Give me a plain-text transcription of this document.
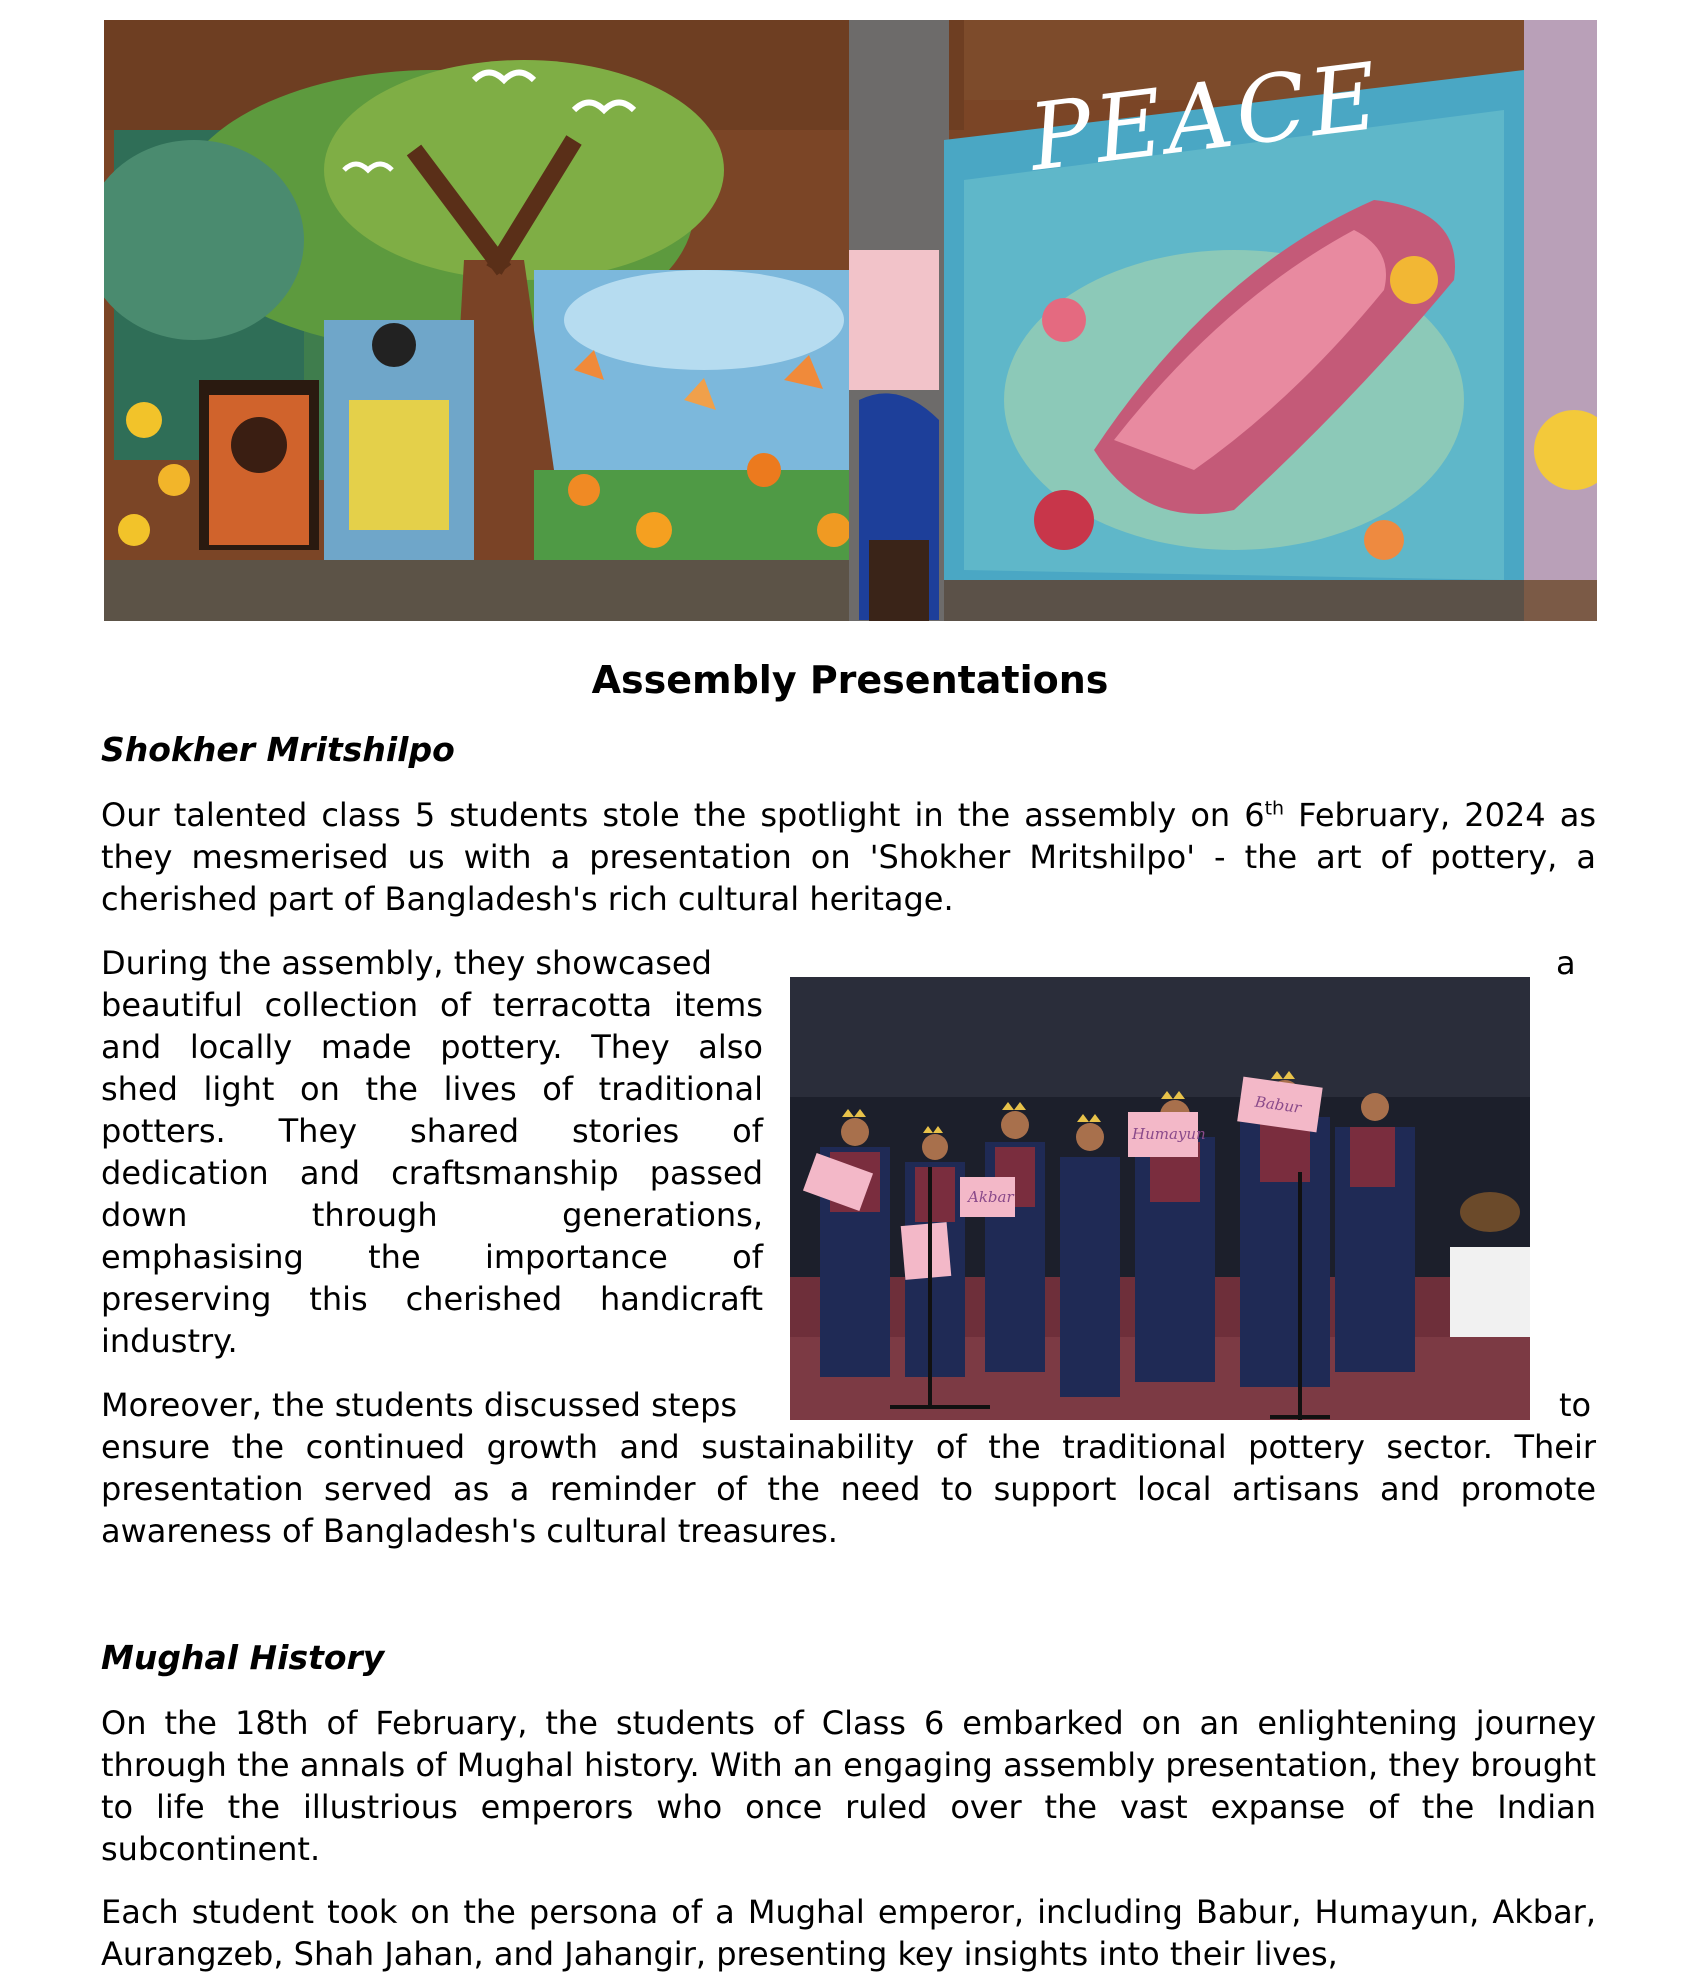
PEACE
Assembly Presentations
Shokher Mritshilpo
Our talented class 5 students stole the spotlight in the assembly on 6th February, 2024 as they mesmerised us with a presentation on 'Shokher Mritshilpo' - the art of pottery, a cherished part of Bangladesh's rich cultural heritage.
During the assembly, they showcased
beautiful collection of terracotta items
and locally made pottery. They also
shed light on the lives of traditional
potters. They shared stories of
dedication and craftsmanship passed
down	through	generations,
emphasising the importance of
preserving this cherished handicraft
industry.
a
Babur
Humayun
Akbar
Moreover, the students discussed steps	to
ensure the continued growth and sustainability of the traditional pottery sector. Their presentation served as a reminder of the need to support local artisans and promote awareness of Bangladesh's cultural treasures.
Mughal History
On the 18th of February, the students of Class 6 embarked on an enlightening journey through the annals of Mughal history. With an engaging assembly presentation, they brought to life the illustrious emperors who once ruled over the vast expanse of the Indian subcontinent.
Each student took on the persona of a Mughal emperor, including Babur, Humayun, Akbar, Aurangzeb, Shah Jahan, and Jahangir, presenting key insights into their lives,
